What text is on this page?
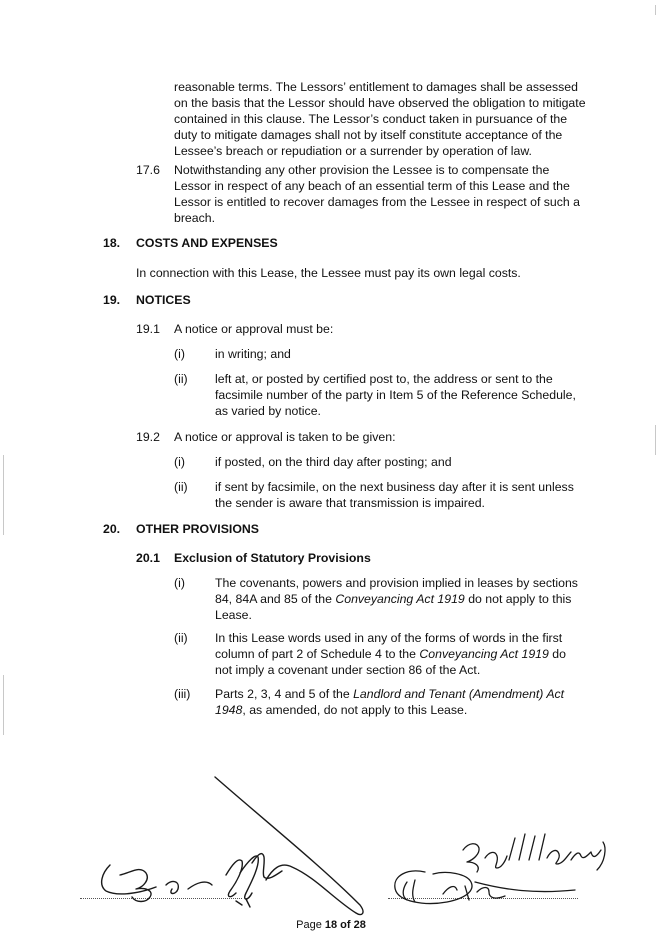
reasonable terms. The Lessors’ entitlement to damages shall be assessed
on the basis that the Lessor should have observed the obligation to mitigate
contained in this clause. The Lessor’s conduct taken in pursuance of the
duty to mitigate damages shall not by itself constitute acceptance of the
Lessee’s breach or repudiation or a surrender by operation of law.
17.6 Notwithstanding any other provision the Lessee is to compensate the
Lessor in respect of any beach of an essential term of this Lease and the
Lessor is entitled to recover damages from the Lessee in respect of such a
breach.
18. COSTS AND EXPENSES
In connection with this Lease, the Lessee must pay its own legal costs.
19. NOTICES
19.1 A notice or approval must be:
(i) in writing; and
(ii) left at, or posted by certified post to, the address or sent to the
facsimile number of the party in Item 5 of the Reference Schedule,
as varied by notice.
19.2 A notice or approval is taken to be given:
(i) if posted, on the third day after posting; and
(ii) if sent by facsimile, on the next business day after it is sent unless
the sender is aware that transmission is impaired.
20. OTHER PROVISIONS
20.1 Exclusion of Statutory Provisions
(i) The covenants, powers and provision implied in leases by sections
84, 84A and 85 of the Conveyancing Act 1919 do not apply to this
Lease.
(ii) In this Lease words used in any of the forms of words in the first
column of part 2 of Schedule 4 to the Conveyancing Act 1919 do
not imply a covenant under section 86 of the Act.
(iii) Parts 2, 3, 4 and 5 of the Landlord and Tenant (Amendment) Act
1948, as amended, do not apply to this Lease.
Page 18 of 28
